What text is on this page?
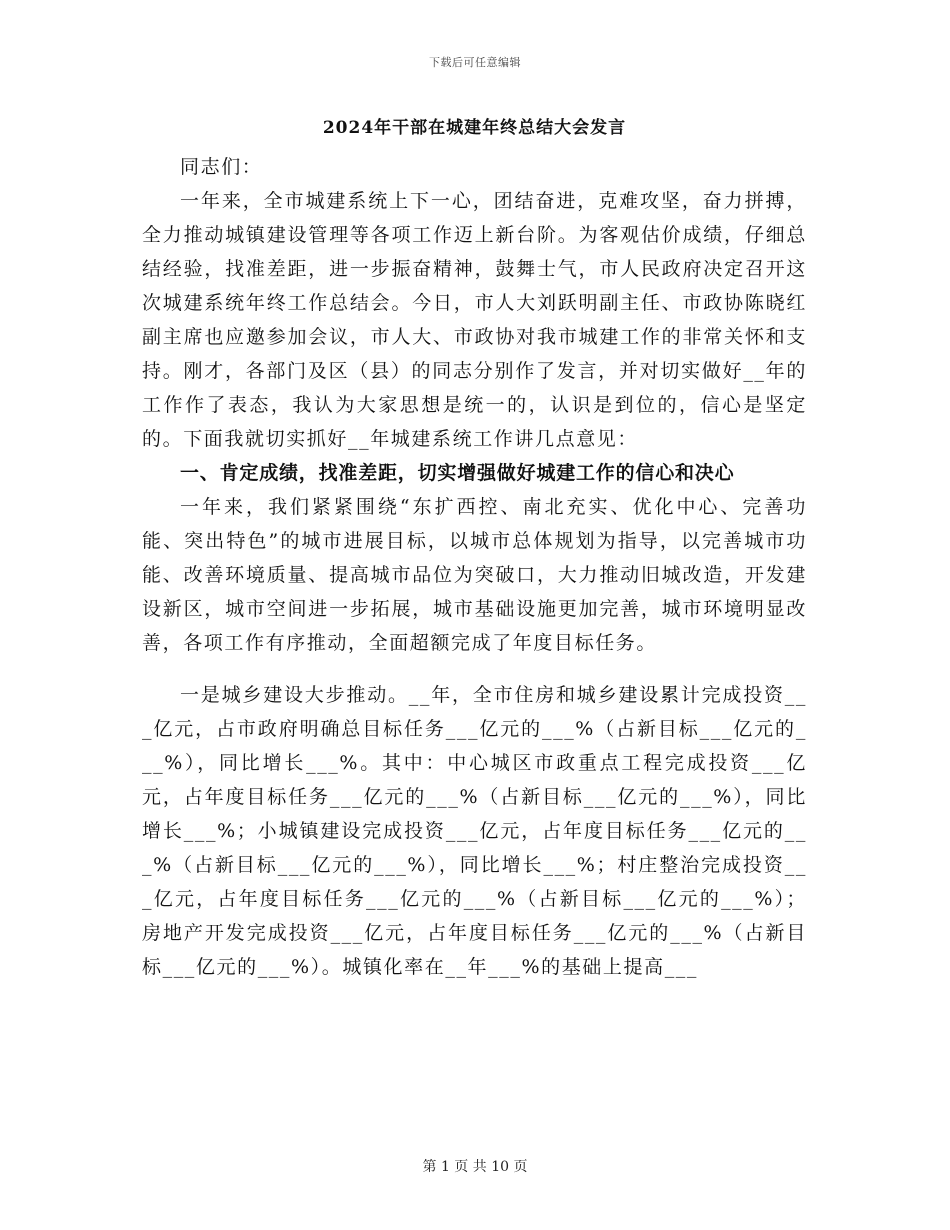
下载后可任意编辑
2024年干部在城建年终总结大会发言

同志们：

一年来，全市城建系统上下一心，团结奋进，克难攻坚，奋力拼搏，全力推动城镇建设管理等各项工作迈上新台阶。为客观估价成绩，仔细总结经验，找准差距，进一步振奋精神，鼓舞士气，市人民政府决定召开这次城建系统年终工作总结会。今日，市人大刘跃明副主任、市政协陈晓红副主席也应邀参加会议，市人大、市政协对我市城建工作的非常关怀和支持。刚才，各部门及区（县）的同志分别作了发言，并对切实做好__年的工作作了表态，我认为大家思想是统一的，认识是到位的，信心是坚定的。下面我就切实抓好__年城建系统工作讲几点意见：

一、肯定成绩，找准差距，切实增强做好城建工作的信心和决心

一年来，我们紧紧围绕“东扩西控、南北充实、优化中心、完善功能、突出特色”的城市进展目标，以城市总体规划为指导，以完善城市功能、改善环境质量、提高城市品位为突破口，大力推动旧城改造，开发建设新区，城市空间进一步拓展，城市基础设施更加完善，城市环境明显改善，各项工作有序推动，全面超额完成了年度目标任务。

一是城乡建设大步推动。__年，全市住房和城乡建设累计完成投资___亿元，占市政府明确总目标任务___亿元的___%（占新目标___亿元的___%），同比增长___%。其中：中心城区市政重点工程完成投资___亿元，占年度目标任务___亿元的___%（占新目标___亿元的___%），同比增长___%；小城镇建设完成投资___亿元，占年度目标任务___亿元的___%（占新目标___亿元的___%），同比增长___%；村庄整治完成投资___亿元，占年度目标任务___亿元的___%（占新目标___亿元的___%）；房地产开发完成投资___亿元，占年度目标任务___亿元的___%（占新目标___亿元的___%）。城镇化率在__年___%的基础上提高___

第 1 页 共 10 页
